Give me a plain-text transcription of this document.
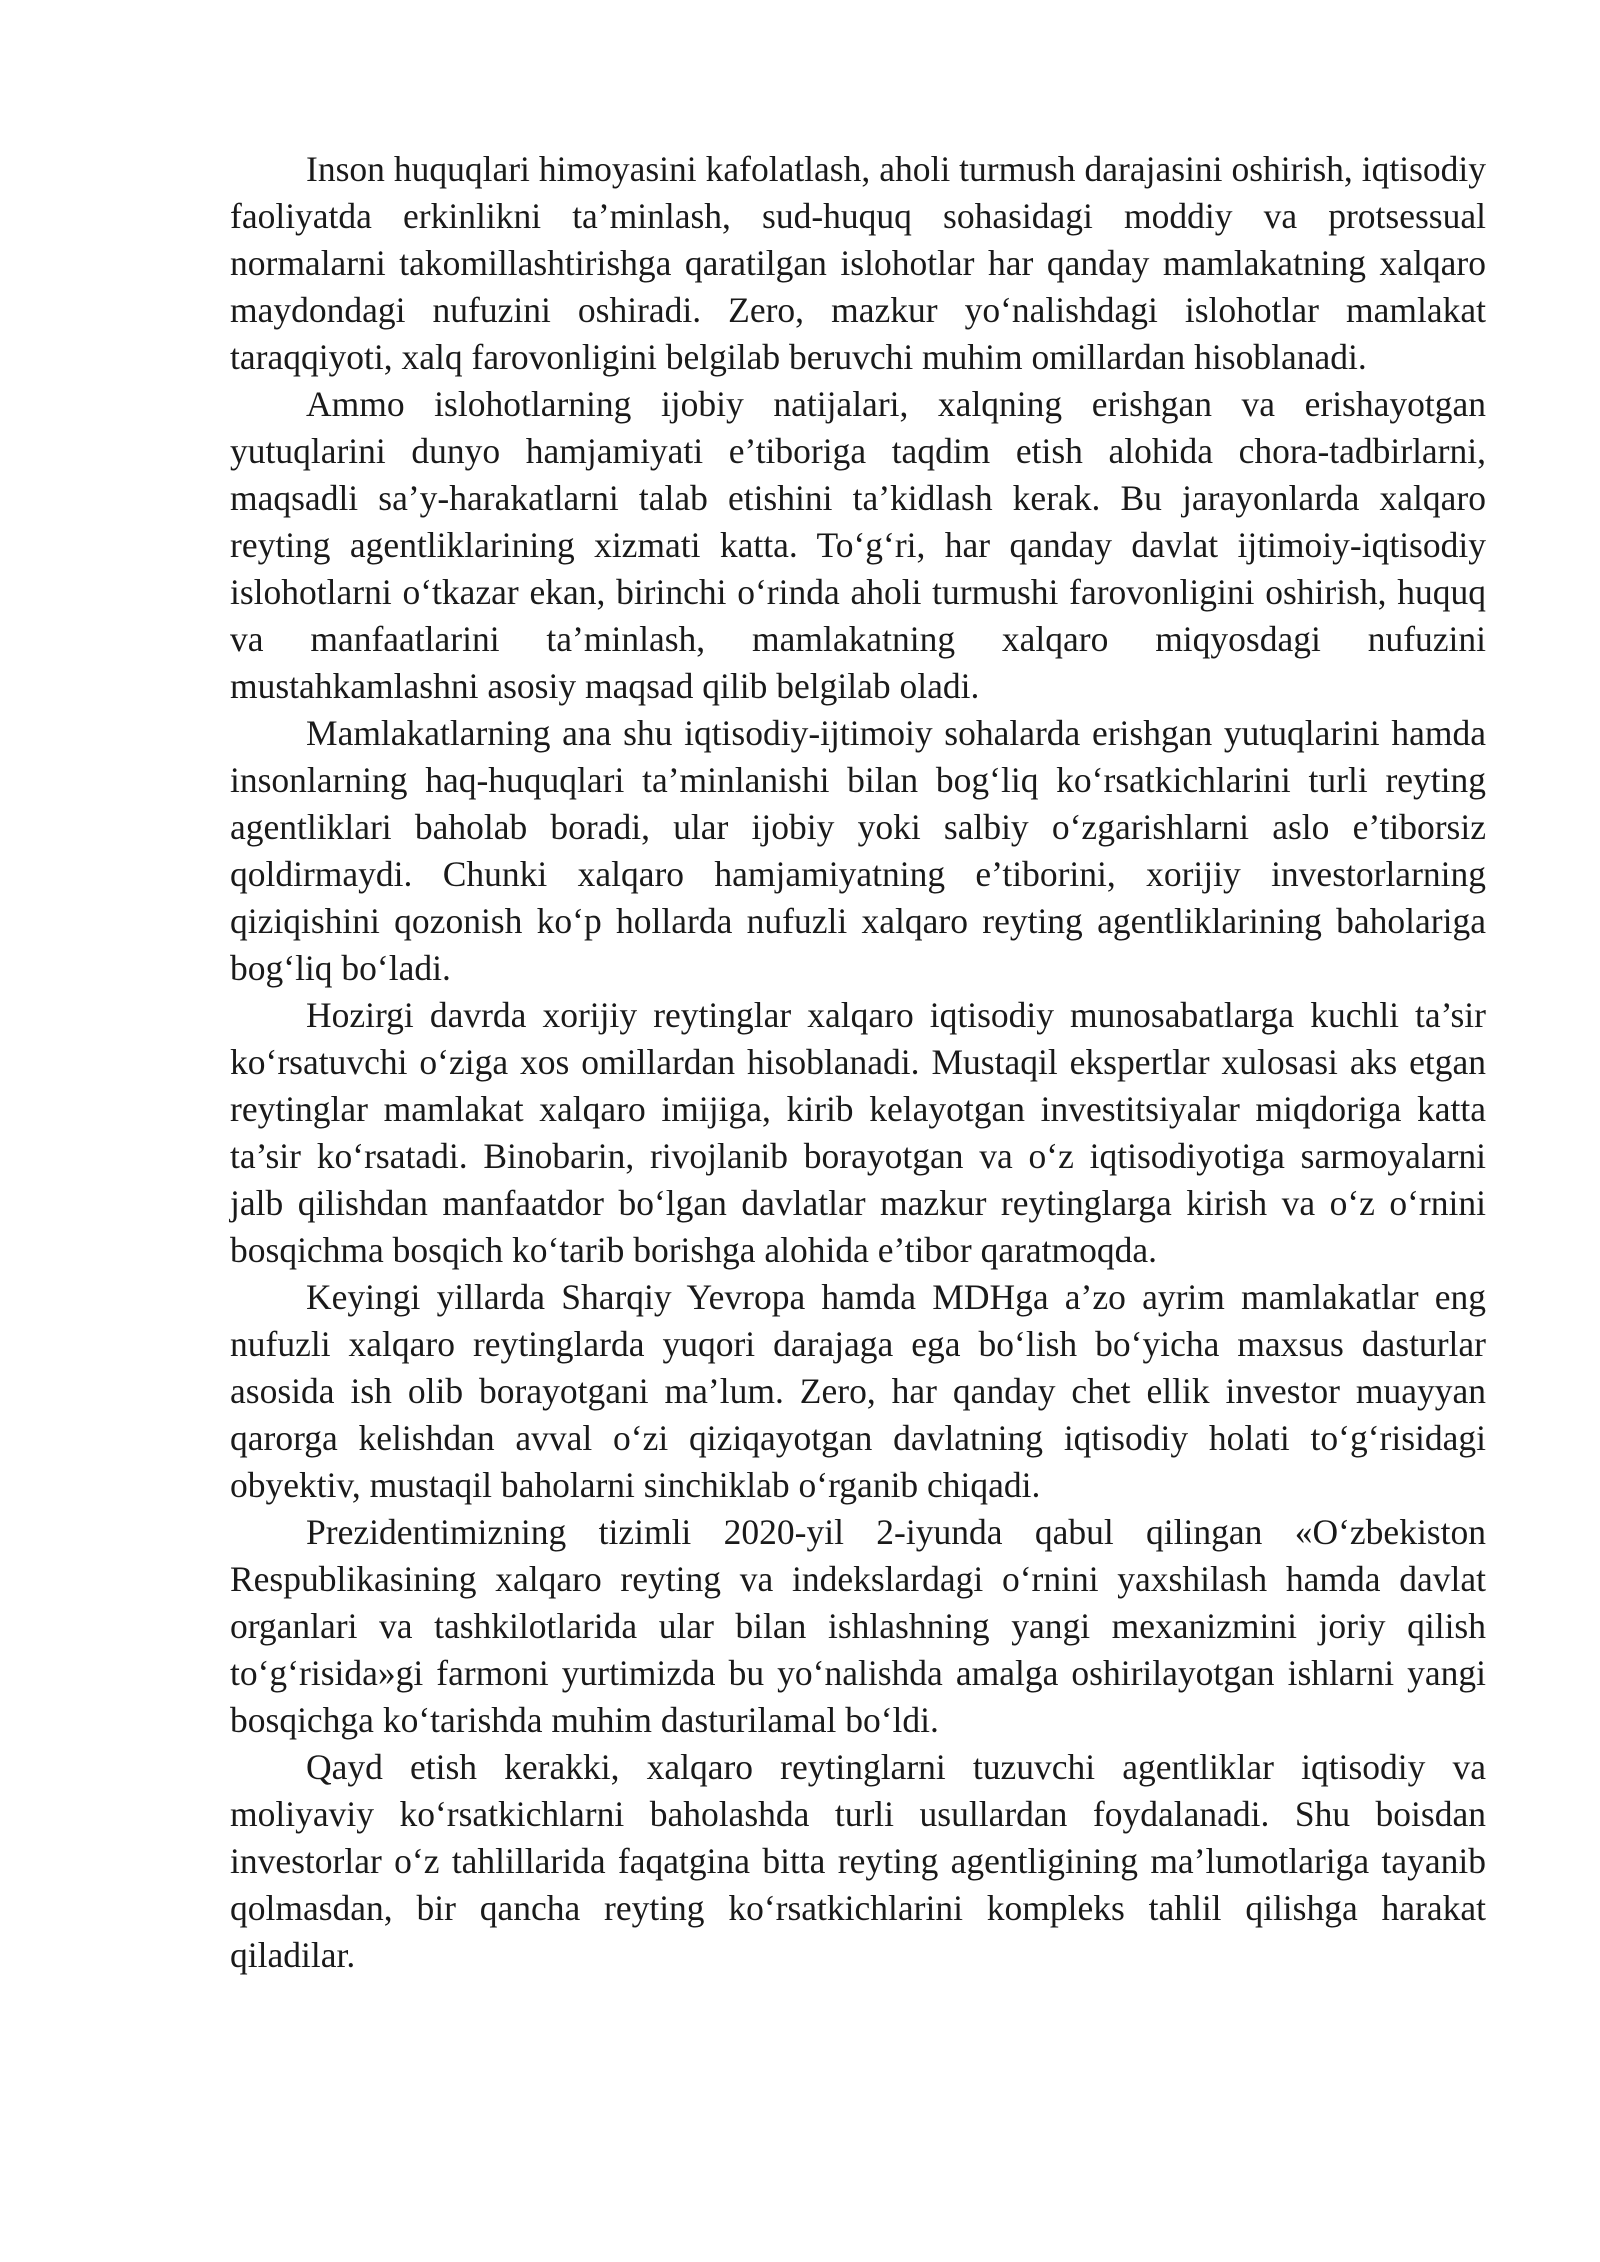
Inson huquqlari himoyasini kafolatlash, aholi turmush darajasini oshirish, iqtisodiy faoliyatda erkinlikni ta’minlash, sud-huquq sohasidagi moddiy va protsessual normalarni takomillashtirishga qaratilgan islohotlar har qanday mamlakatning xalqaro maydondagi nufuzini oshiradi. Zero, mazkur yo‘nalishdagi islohotlar mamlakat taraqqiyoti, xalq farovonligini belgilab beruvchi muhim omillardan hisoblanadi.

Ammo islohotlarning ijobiy natijalari, xalqning erishgan va erishayotgan yutuqlarini dunyo hamjamiyati e’tiboriga taqdim etish alohida chora-tadbirlarni, maqsadli sa’y-harakatlarni talab etishini ta’kidlash kerak. Bu jarayonlarda xalqaro reyting agentliklarining xizmati katta. To‘g‘ri, har qanday davlat ijtimoiy-iqtisodiy islohotlarni o‘tkazar ekan, birinchi o‘rinda aholi turmushi farovonligini oshirish, huquq va manfaatlarini ta’minlash, mamlakatning xalqaro miqyosdagi nufuzini mustahkamlashni asosiy maqsad qilib belgilab oladi.

Mamlakatlarning ana shu iqtisodiy-ijtimoiy sohalarda erishgan yutuqlarini hamda insonlarning haq-huquqlari ta’minlanishi bilan bog‘liq ko‘rsatkichlarini turli reyting agentliklari baholab boradi, ular ijobiy yoki salbiy o‘zgarishlarni aslo e’tiborsiz qoldirmaydi. Chunki xalqaro hamjamiyatning e’tiborini, xorijiy investorlarning qiziqishini qozonish ko‘p hollarda nufuzli xalqaro reyting agentliklarining baholariga bog‘liq bo‘ladi.

Hozirgi davrda xorijiy reytinglar xalqaro iqtisodiy munosabatlarga kuchli ta’sir ko‘rsatuvchi o‘ziga xos omillardan hisoblanadi. Mustaqil ekspertlar xulosasi aks etgan reytinglar mamlakat xalqaro imijiga, kirib kelayotgan investitsiyalar miqdoriga katta ta’sir ko‘rsatadi. Binobarin, rivojlanib borayotgan va o‘z iqtisodiyotiga sarmoyalarni jalb qilishdan manfaatdor bo‘lgan davlatlar mazkur reytinglarga kirish va o‘z o‘rnini bosqichma bosqich ko‘tarib borishga alohida e’tibor qaratmoqda.

Keyingi yillarda Sharqiy Yevropa hamda MDHga a’zo ayrim mamlakatlar eng nufuzli xalqaro reytinglarda yuqori darajaga ega bo‘lish bo‘yicha maxsus dasturlar asosida ish olib borayotgani ma’lum. Zero, har qanday chet ellik investor muayyan qarorga kelishdan avval o‘zi qiziqayotgan davlatning iqtisodiy holati to‘g‘risidagi obyektiv, mustaqil baholarni sinchiklab o‘rganib chiqadi.

Prezidentimizning tizimli 2020-yil 2-iyunda qabul qilingan «O‘zbekiston Respublikasining xalqaro reyting va indekslardagi o‘rnini yaxshilash hamda davlat organlari va tashkilotlarida ular bilan ishlashning yangi mexanizmini joriy qilish to‘g‘risida»gi farmoni yurtimizda bu yo‘nalishda amalga oshirilayotgan ishlarni yangi bosqichga ko‘tarishda muhim dasturilamal bo‘ldi.

Qayd etish kerakki, xalqaro reytinglarni tuzuvchi agentliklar iqtisodiy va moliyaviy ko‘rsatkichlarni baholashda turli usullardan foydalanadi. Shu boisdan investorlar o‘z tahlillarida faqatgina bitta reyting agentligining ma’lumotlariga tayanib qolmasdan, bir qancha reyting ko‘rsatkichlarini kompleks tahlil qilishga harakat qiladilar.
